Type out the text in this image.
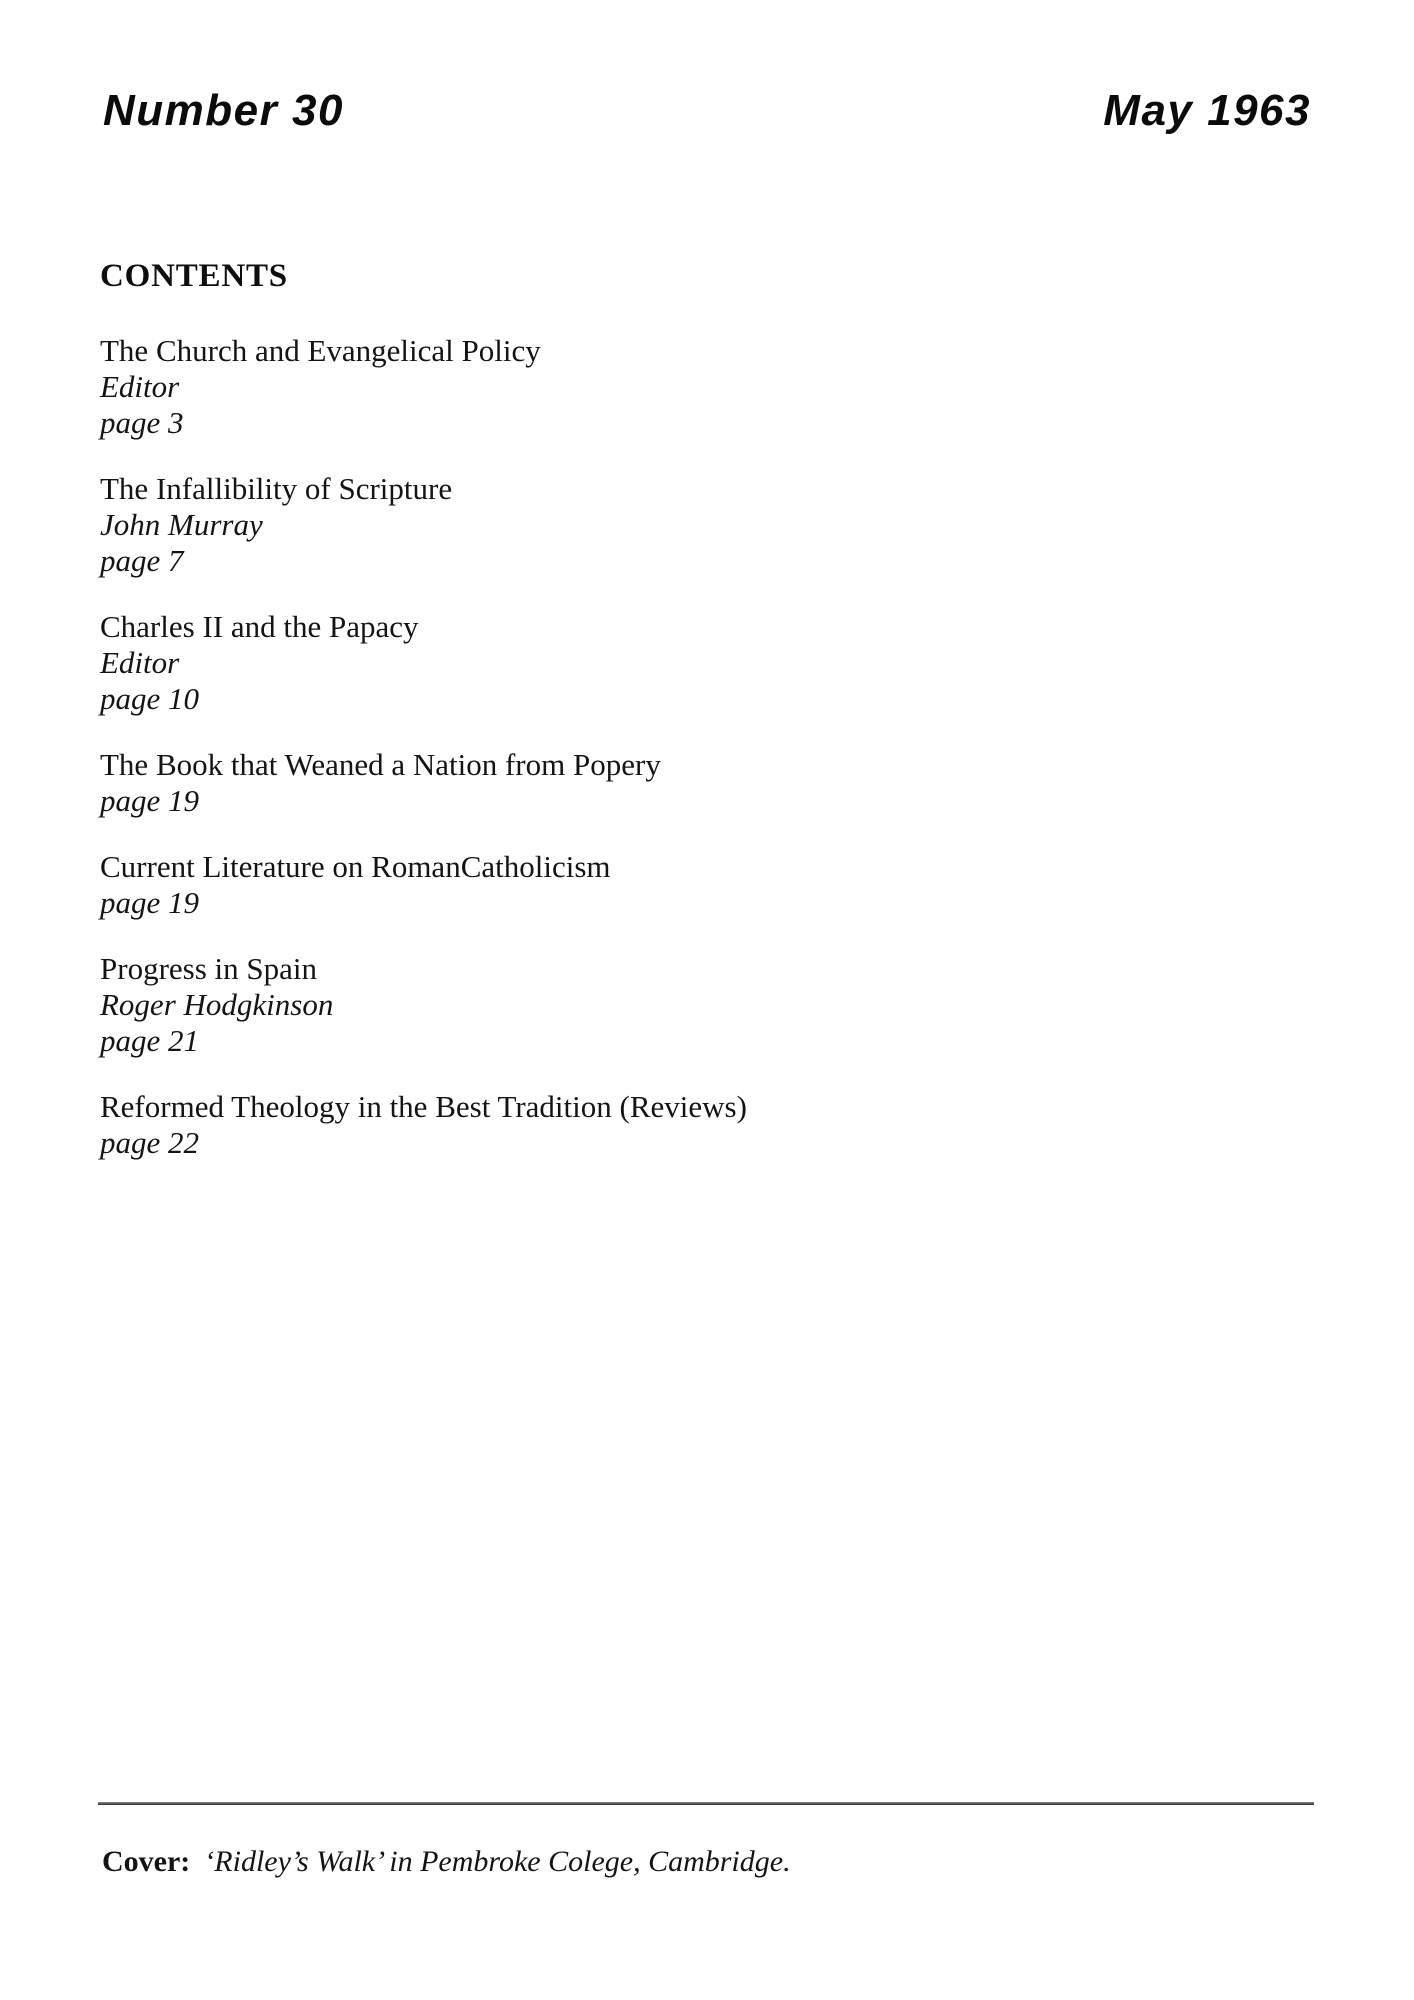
Number 30	May 1963
CONTENTS
The Church and Evangelical Policy
Editor
page 3
The Infallibility of Scripture
John Murray
page 7
Charles II and the Papacy
Editor
page 10
The Book that Weaned a Nation from Popery
page 19
Current Literature on RomanCatholicism
page 19
Progress in Spain
Roger Hodgkinson
page 21
Reformed Theology in the Best Tradition (Reviews)
page 22
Cover: ‘Ridley’s Walk’ in Pembroke Colege, Cambridge.
